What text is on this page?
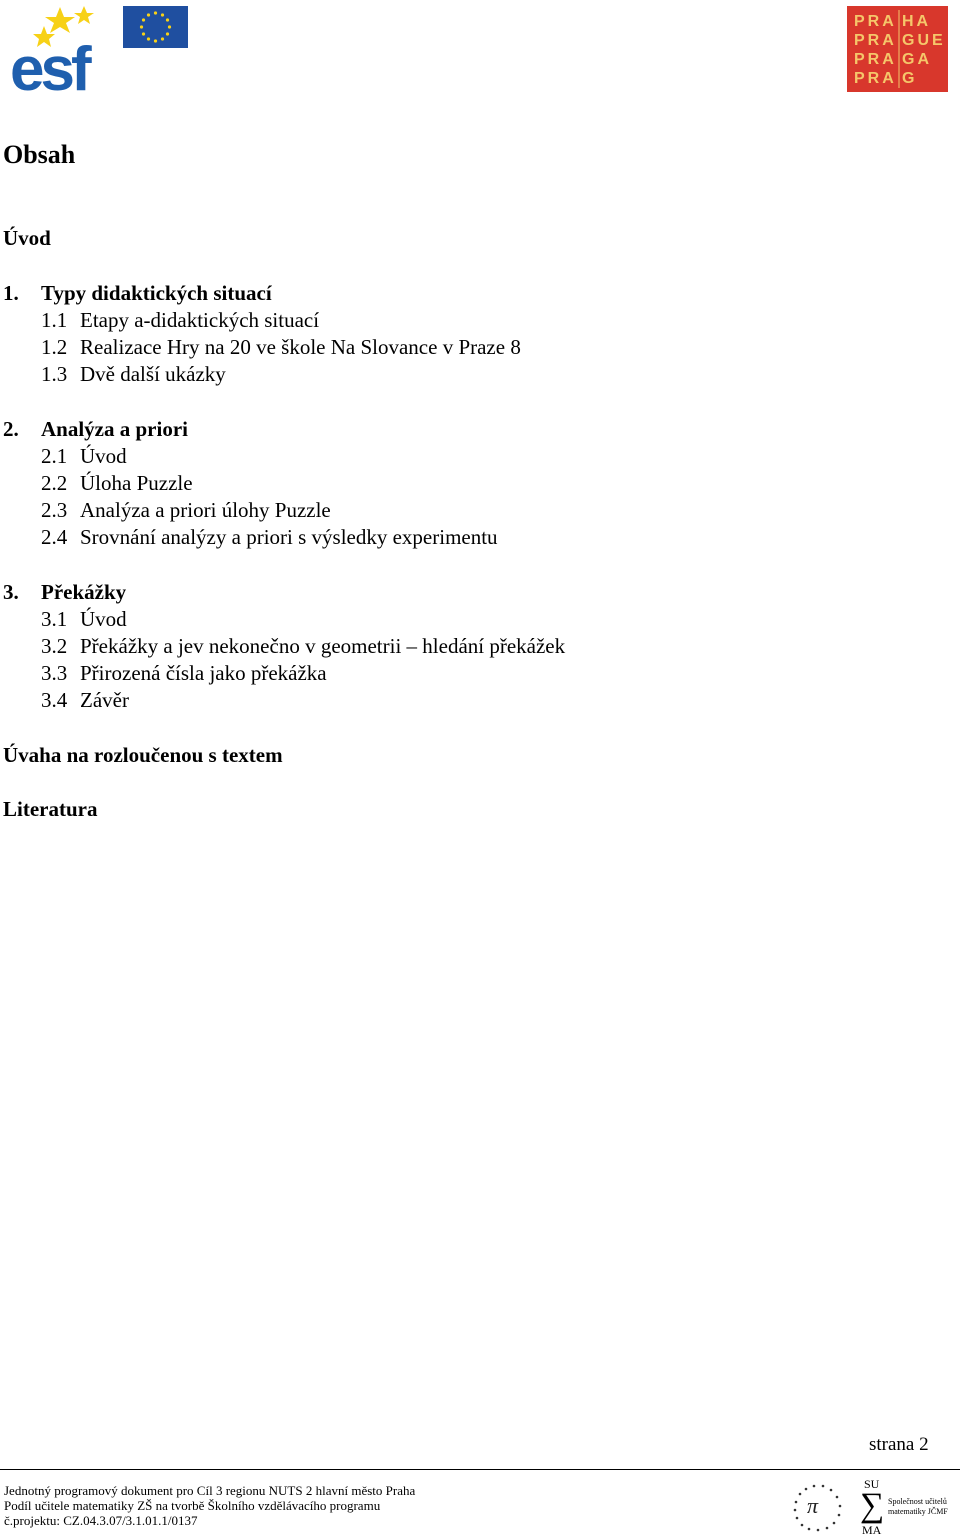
esf
PRA HA
PRA GUE
PRA GA
PRA G
Obsah
Úvod
1. Typy didaktických situací
1.1 Etapy a-didaktických situací
1.2 Realizace Hry na 20 ve škole Na Slovance v Praze 8
1.3 Dvě další ukázky
2. Analýza a priori
2.1 Úvod
2.2 Úloha Puzzle
2.3 Analýza a priori úlohy Puzzle
2.4 Srovnání analýzy a priori s výsledky experimentu
3. Překážky
3.1 Úvod
3.2 Překážky a jev nekonečno v geometrii – hledání překážek
3.3 Přirozená čísla jako překážka
3.4 Závěr
Úvaha na rozloučenou s textem
Literatura
strana 2
Jednotný programový dokument pro Cíl 3 regionu NUTS 2 hlavní město Praha
Podíl učitele matematiky ZŠ na tvorbě Školního vzdělávacího programu
č.projektu: CZ.04.3.07/3.1.01.1/0137
π
SU
∑
MA
Společnost učitelů
matematiky JČMF
